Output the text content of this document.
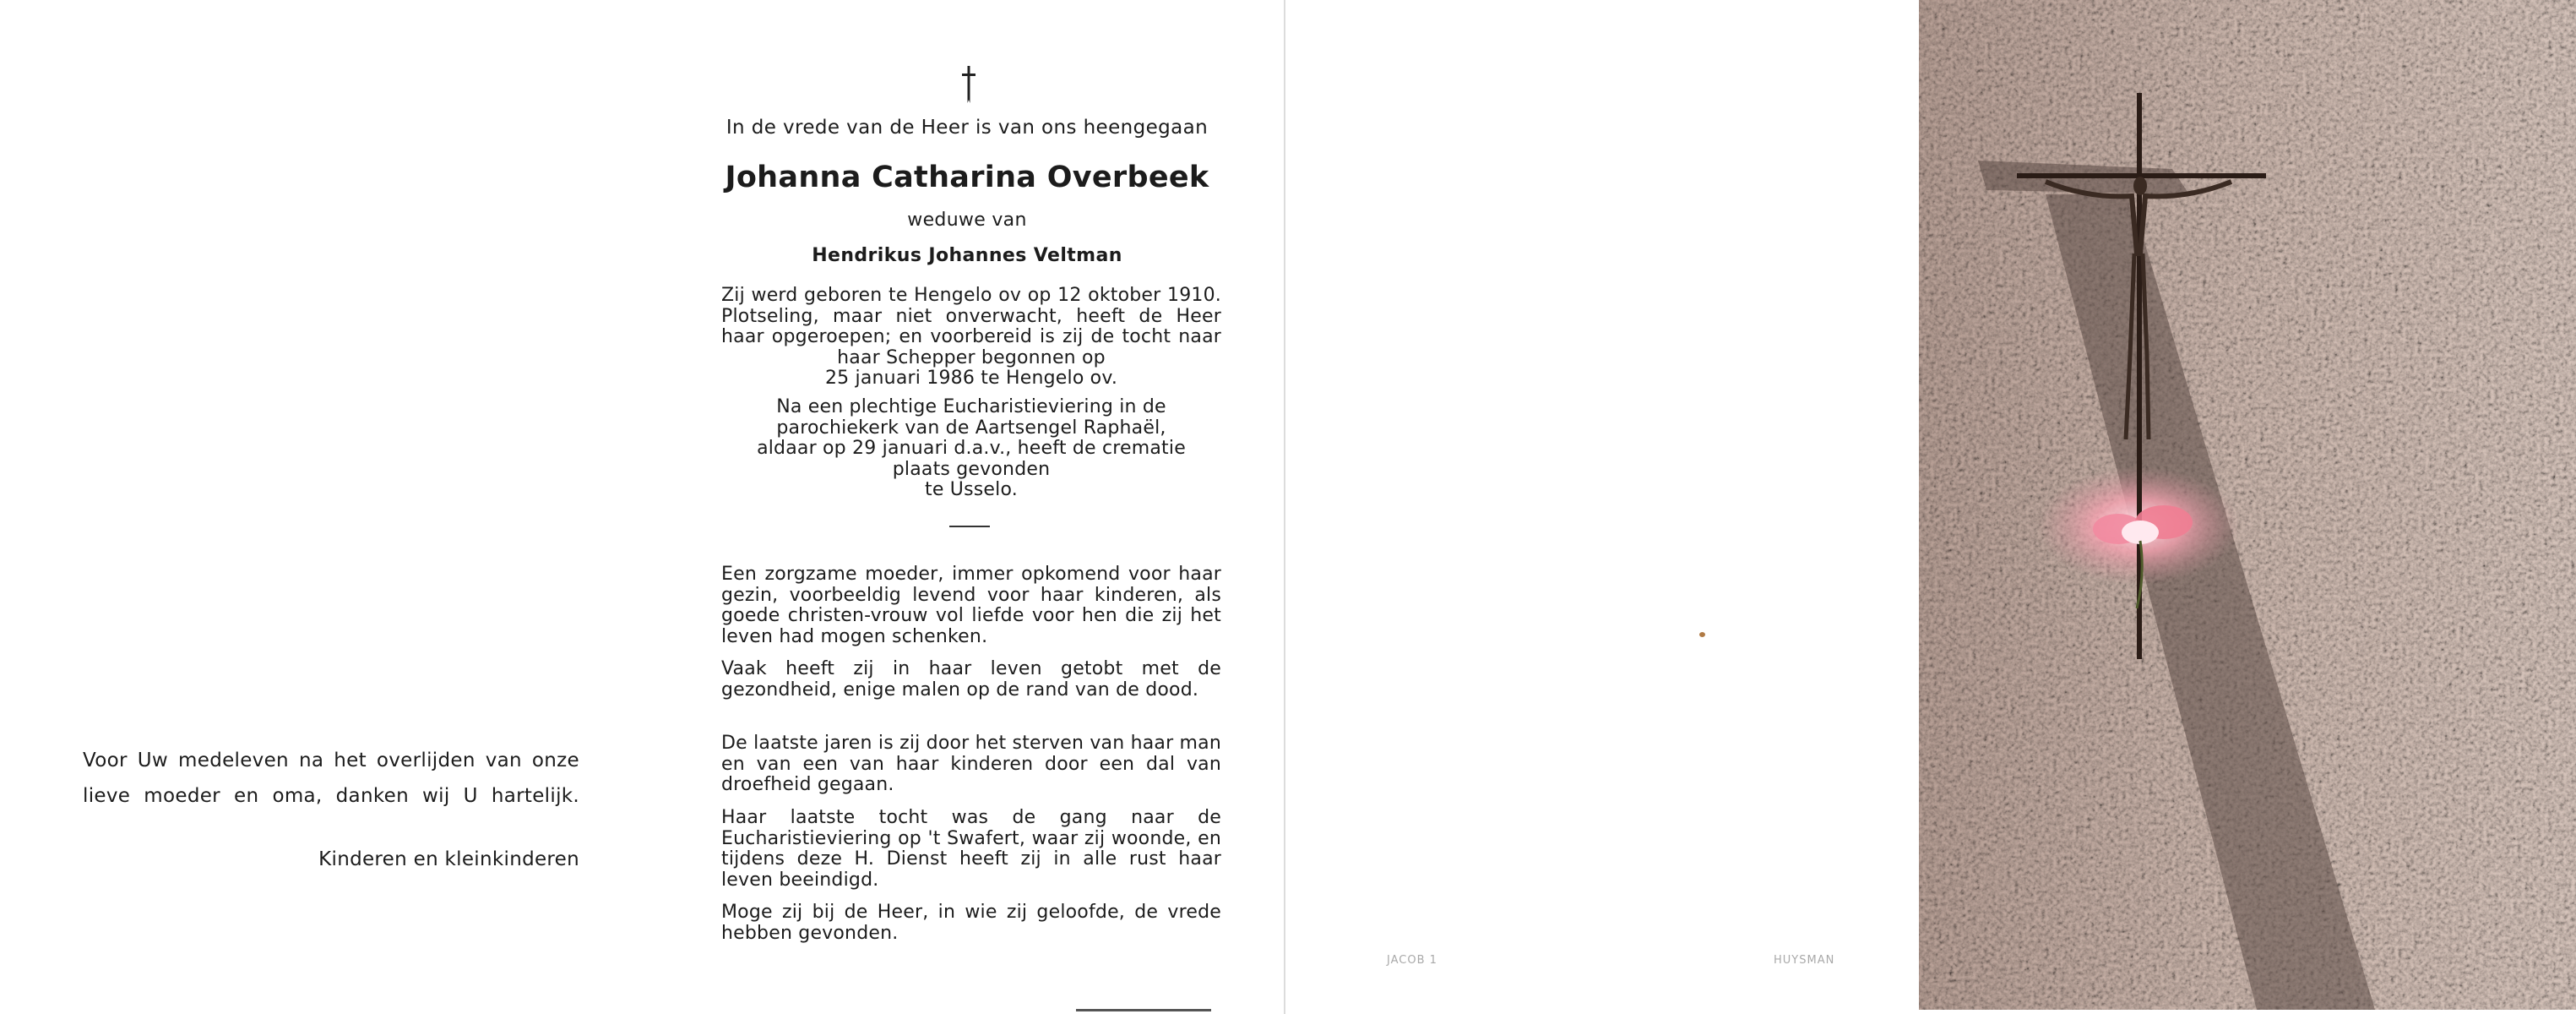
Voor Uw medeleven na het overlijden van onze
lieve moeder en oma, danken wij U hartelijk.
Kinderen en kleinkinderen
In de vrede van de Heer is van ons heengegaan
Johanna Catharina Overbeek
weduwe van
Hendrikus Johannes Veltman
Zij werd geboren te Hengelo ov op 12 oktober 1910. Plotseling, maar niet onverwacht, heeft de Heer haar opgeroepen; en voorbereid is zij de tocht naar haar Schepper begonnen op
25 januari 1986 te Hengelo ov.
Na een plechtige Eucharistieviering in de parochiekerk van de Aartsengel Raphaël, aldaar op 29 januari d.a.v., heeft de crematie plaats gevonden
te Usselo.
Een zorgzame moeder, immer opkomend voor haar gezin, voorbeeldig levend voor haar kinderen, als goede christen-vrouw vol liefde voor hen die zij het leven had mogen schenken.
Vaak heeft zij in haar leven getobt met de gezondheid, enige malen op de rand van de dood.
De laatste jaren is zij door het sterven van haar man en van een van haar kinderen door een dal van droefheid gegaan.
Haar laatste tocht was de gang naar de Eucharistieviering op 't Swafert, waar zij woonde, en tijdens deze H. Dienst heeft zij in alle rust haar leven beeindigd.
Moge zij bij de Heer, in wie zij geloofde, de vrede hebben gevonden.
JACOB 1	HUYSMAN
